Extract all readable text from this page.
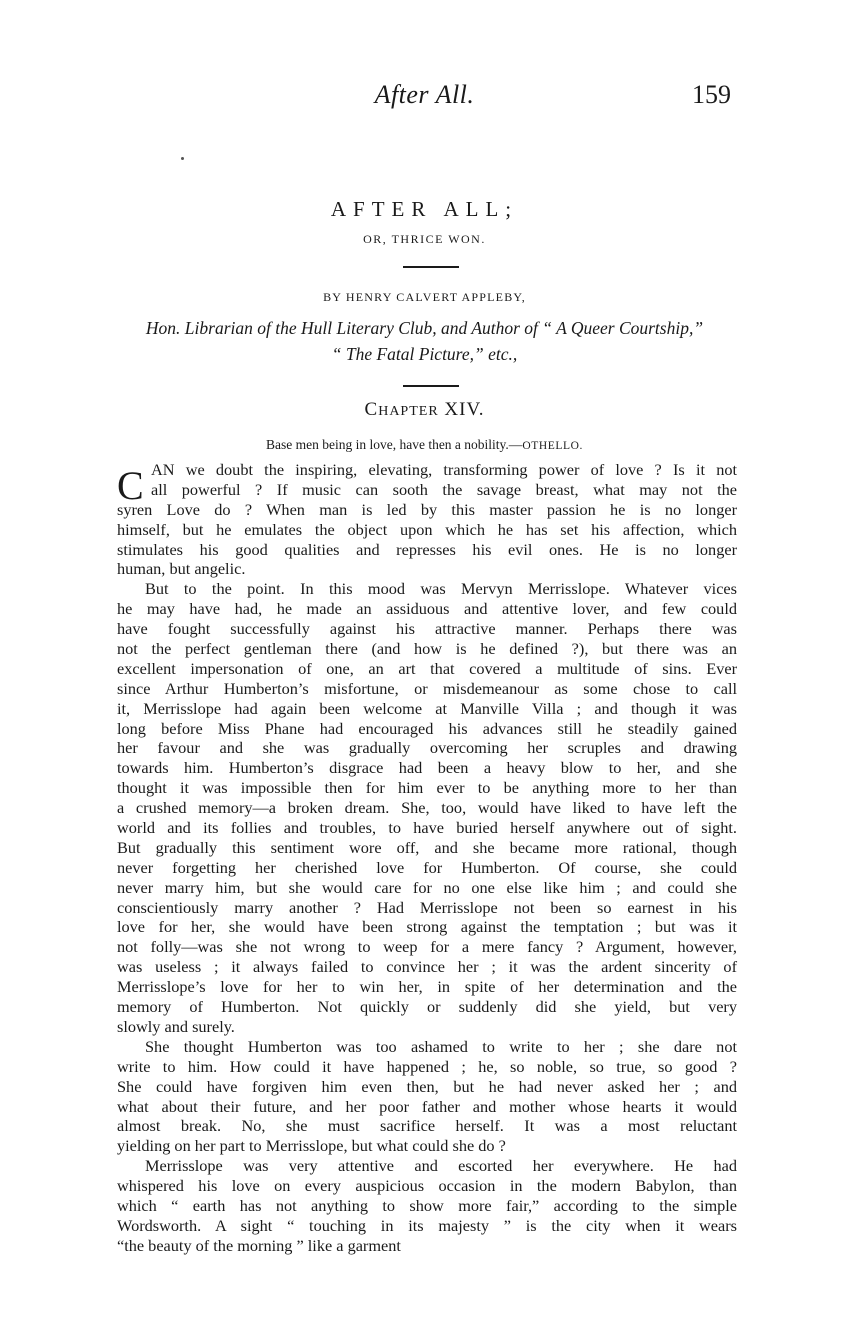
After All.	159
AFTER ALL;
OR, THRICE WON.
BY HENRY CALVERT APPLEBY,
Hon. Librarian of the Hull Literary Club, and Author of “ A Queer Courtship,”
“ The Fatal Picture,” etc.,
CHAPTER XIV.
Base men being in love, have then a nobility.—OTHELLO.
C AN we doubt the inspiring, elevating, transforming power of love ? Is it not
all powerful ? If music can sooth the savage breast, what may not the
syren Love do ? When man is led by this master passion he is no longer
himself, but he emulates the object upon which he has set his affection, which
stimulates his good qualities and represses his evil ones. He is no longer
human, but angelic.
But to the point. In this mood was Mervyn Merrisslope. Whatever vices
he may have had, he made an assiduous and attentive lover, and few could
have fought successfully against his attractive manner. Perhaps there was
not the perfect gentleman there (and how is he defined ?), but there was an
excellent impersonation of one, an art that covered a multitude of sins. Ever
since Arthur Humberton’s misfortune, or misdemeanour as some chose to call
it, Merrisslope had again been welcome at Manville Villa ; and though it was
long before Miss Phane had encouraged his advances still he steadily gained
her favour and she was gradually overcoming her scruples and drawing
towards him. Humberton’s disgrace had been a heavy blow to her, and she
thought it was impossible then for him ever to be anything more to her than
a crushed memory—a broken dream. She, too, would have liked to have left the
world and its follies and troubles, to have buried herself anywhere out of sight.
But gradually this sentiment wore off, and she became more rational, though
never forgetting her cherished love for Humberton. Of course, she could
never marry him, but she would care for no one else like him ; and could she
conscientiously marry another ? Had Merrisslope not been so earnest in his
love for her, she would have been strong against the temptation ; but was it
not folly—was she not wrong to weep for a mere fancy ? Argument, however,
was useless ; it always failed to convince her ; it was the ardent sincerity of
Merrisslope’s love for her to win her, in spite of her determination and the
memory of Humberton. Not quickly or suddenly did she yield, but very
slowly and surely.
She thought Humberton was too ashamed to write to her ; she dare not
write to him. How could it have happened ; he, so noble, so true, so good ?
She could have forgiven him even then, but he had never asked her ; and
what about their future, and her poor father and mother whose hearts it would
almost break. No, she must sacrifice herself. It was a most reluctant
yielding on her part to Merrisslope, but what could she do ?
Merrisslope was very attentive and escorted her everywhere. He had
whispered his love on every auspicious occasion in the modern Babylon, than
which “ earth has not anything to show more fair,” according to the simple
Wordsworth. A sight “ touching in its majesty ” is the city when it wears
“the beauty of the morning ” like a garment
